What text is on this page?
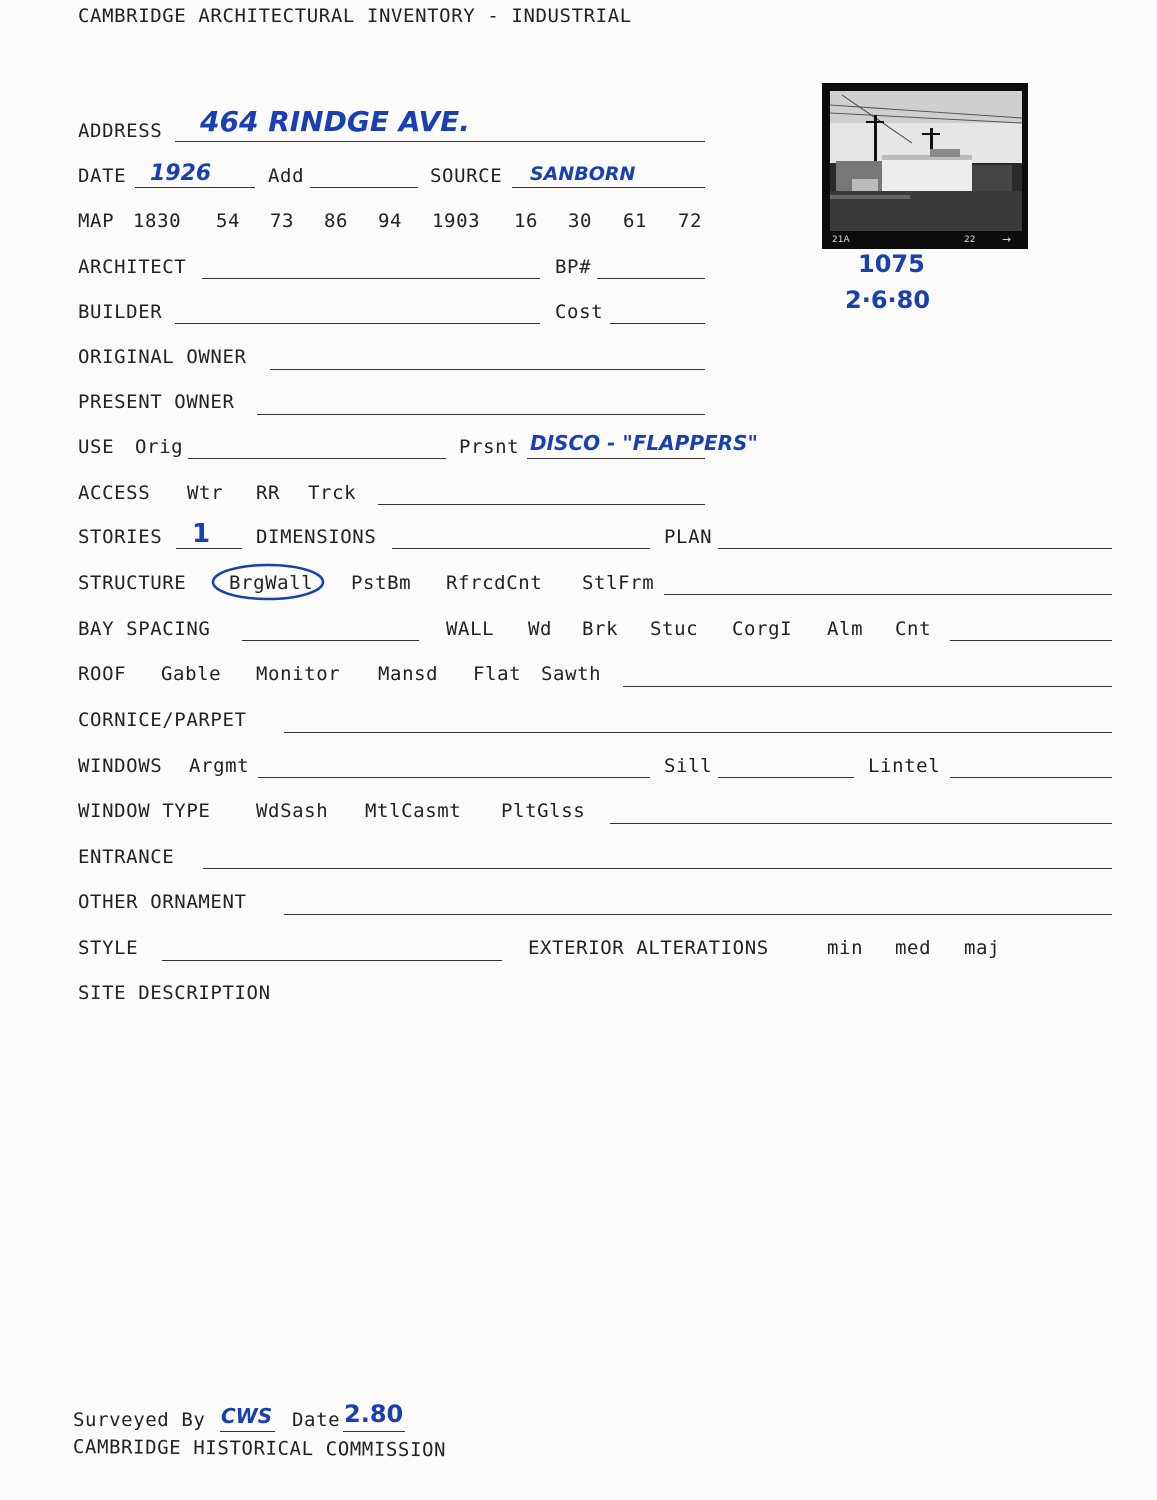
CAMBRIDGE ARCHITECTURAL INVENTORY - INDUSTRIAL
ADDRESS 464 RINDGE AVE.
DATE 1926	Add	SOURCE SANBORN
MAP 1830 54 73 86 94 1903 16 30 61 72
ARCHITECT	BP#
BUILDER	Cost
ORIGINAL OWNER
PRESENT OWNER
USE Orig	Prsnt DISCO - "FLAPPERS"
ACCESS Wtr RR Trck
STORIES 1 DIMENSIONS	PLAN
STRUCTURE BrgWall PstBm RfrcdCnt StlFrm
BAY SPACING	WALL Wd Brk Stuc CorgI Alm Cnt
ROOF Gable Monitor Mansd Flat Sawth
CORNICE/PARPET
WINDOWS Argmt	Sill	Lintel
WINDOW TYPE WdSash MtlCasmt PltGlss
ENTRANCE
OTHER ORNAMENT
STYLE	EXTERIOR ALTERATIONS	min med maj
SITE DESCRIPTION
21A	22 →
1075
2·6·80
Surveyed By CWS Date 2.80
CAMBRIDGE HISTORICAL COMMISSION
